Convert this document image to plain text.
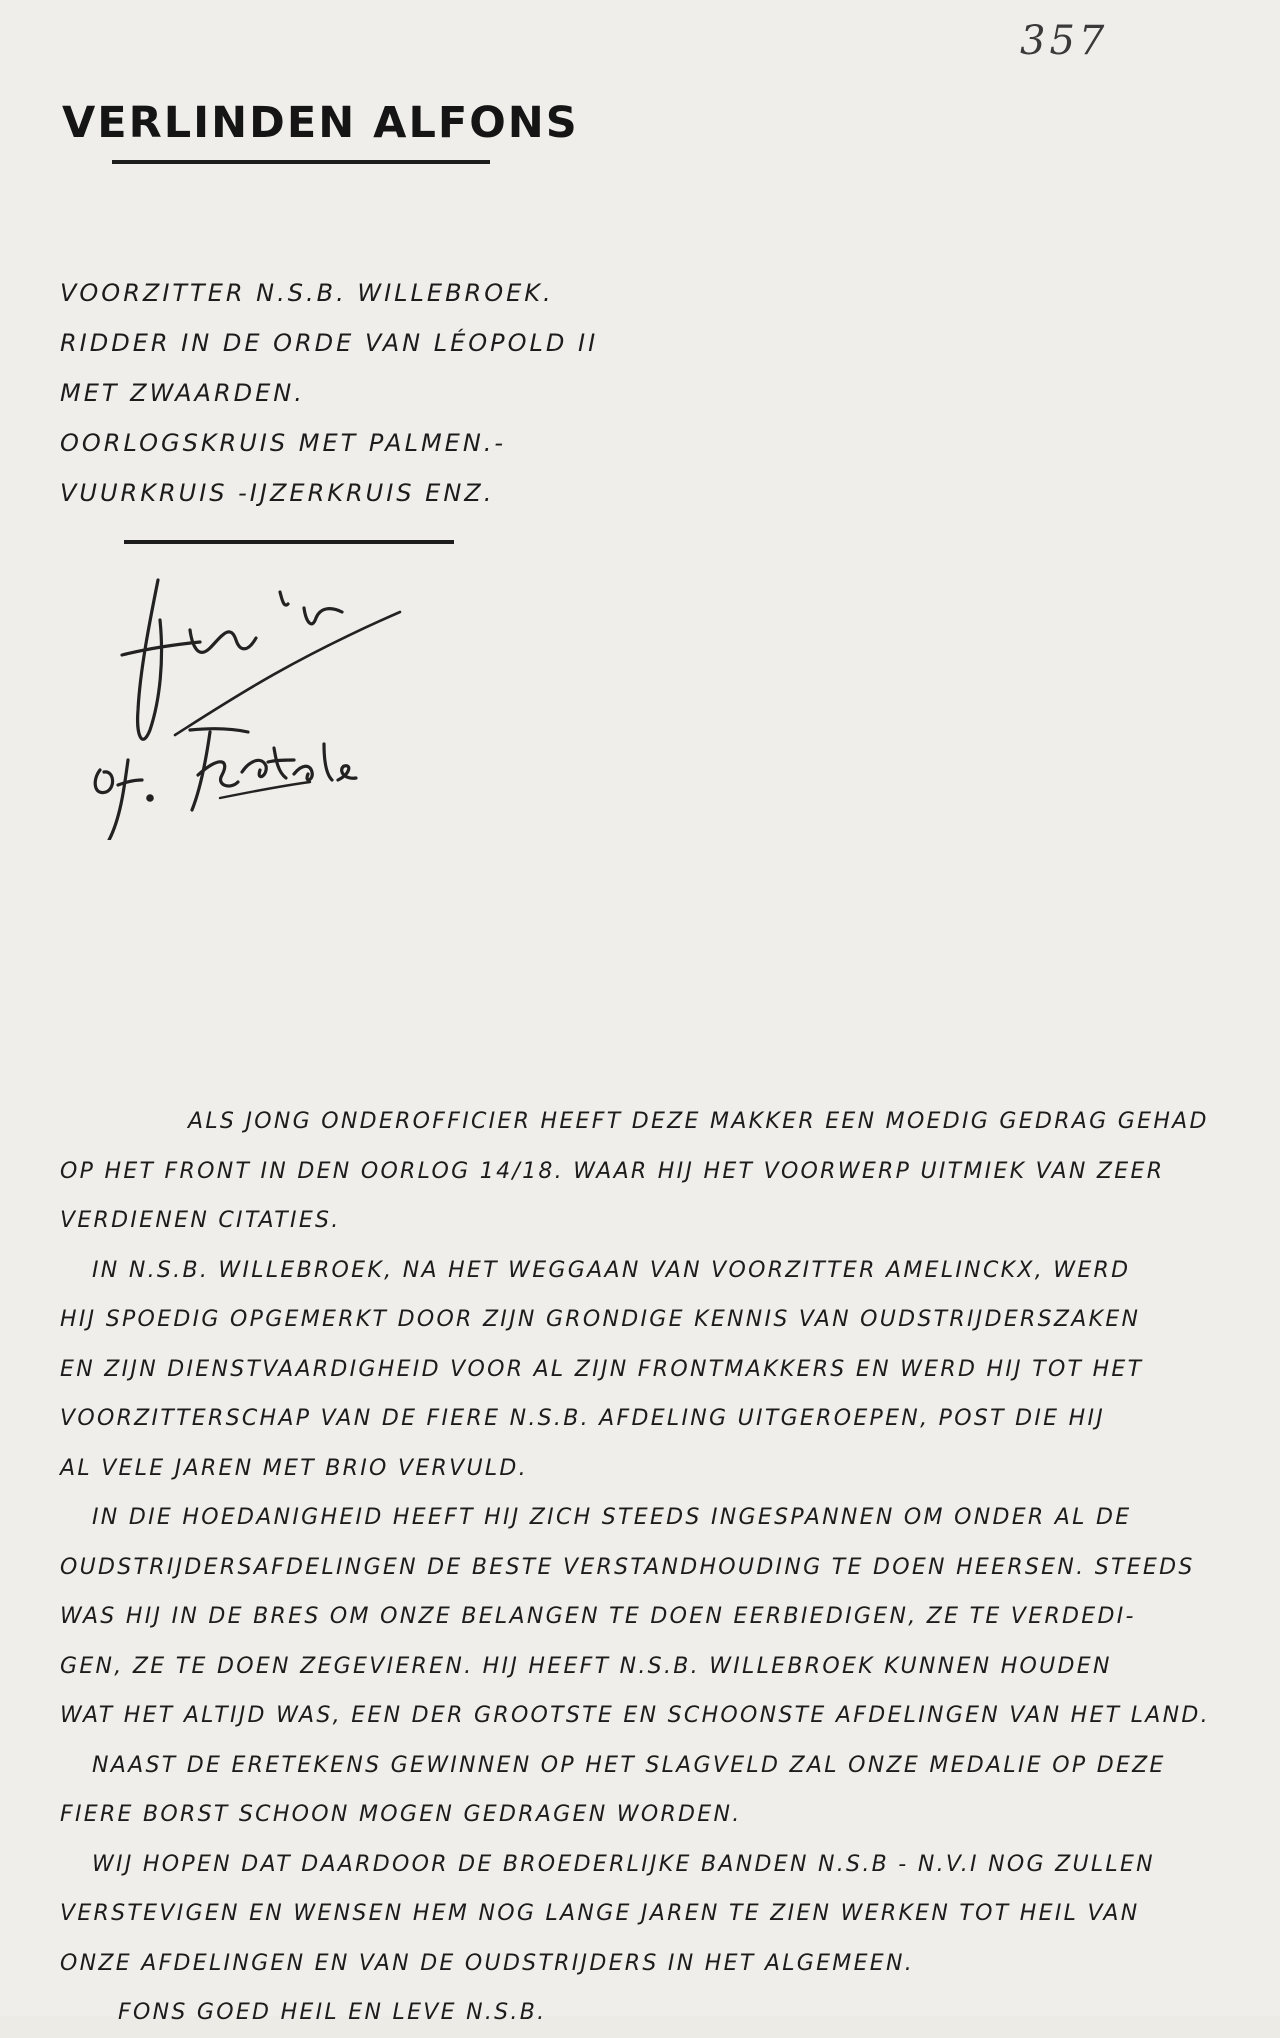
357
VERLINDEN ALFONS
VOORZITTER N.S.B. WILLEBROEK.
RIDDER IN DE ORDE VAN LÉOPOLD II
MET ZWAARDEN.
OORLOGSKRUIS MET PALMEN.-
VUURKRUIS -IJZERKRUIS ENZ.
ALS JONG ONDEROFFICIER HEEFT DEZE MAKKER EEN MOEDIG GEDRAG GEHAD
OP HET FRONT IN DEN OORLOG 14/18. WAAR HIJ HET VOORWERP UITMIEK VAN ZEER
VERDIENEN CITATIES.
IN N.S.B. WILLEBROEK, NA HET WEGGAAN VAN VOORZITTER AMELINCKX, WERD
HIJ SPOEDIG OPGEMERKT DOOR ZIJN GRONDIGE KENNIS VAN OUDSTRIJDERSZAKEN
EN ZIJN DIENSTVAARDIGHEID VOOR AL ZIJN FRONTMAKKERS EN WERD HIJ TOT HET
VOORZITTERSCHAP VAN DE FIERE N.S.B. AFDELING UITGEROEPEN, POST DIE HIJ
AL VELE JAREN MET BRIO VERVULD.
IN DIE HOEDANIGHEID HEEFT HIJ ZICH STEEDS INGESPANNEN OM ONDER AL DE
OUDSTRIJDERSAFDELINGEN DE BESTE VERSTANDHOUDING TE DOEN HEERSEN. STEEDS
WAS HIJ IN DE BRES OM ONZE BELANGEN TE DOEN EERBIEDIGEN, ZE TE VERDEDI-
GEN, ZE TE DOEN ZEGEVIEREN. HIJ HEEFT N.S.B. WILLEBROEK KUNNEN HOUDEN
WAT HET ALTIJD WAS, EEN DER GROOTSTE EN SCHOONSTE AFDELINGEN VAN HET LAND.
NAAST DE ERETEKENS GEWINNEN OP HET SLAGVELD ZAL ONZE MEDALIE OP DEZE
FIERE BORST SCHOON MOGEN GEDRAGEN WORDEN.
WIJ HOPEN DAT DAARDOOR DE BROEDERLIJKE BANDEN N.S.B - N.V.I NOG ZULLEN
VERSTEVIGEN EN WENSEN HEM NOG LANGE JAREN TE ZIEN WERKEN TOT HEIL VAN
ONZE AFDELINGEN EN VAN DE OUDSTRIJDERS IN HET ALGEMEEN.
FONS GOED HEIL EN LEVE N.S.B.
